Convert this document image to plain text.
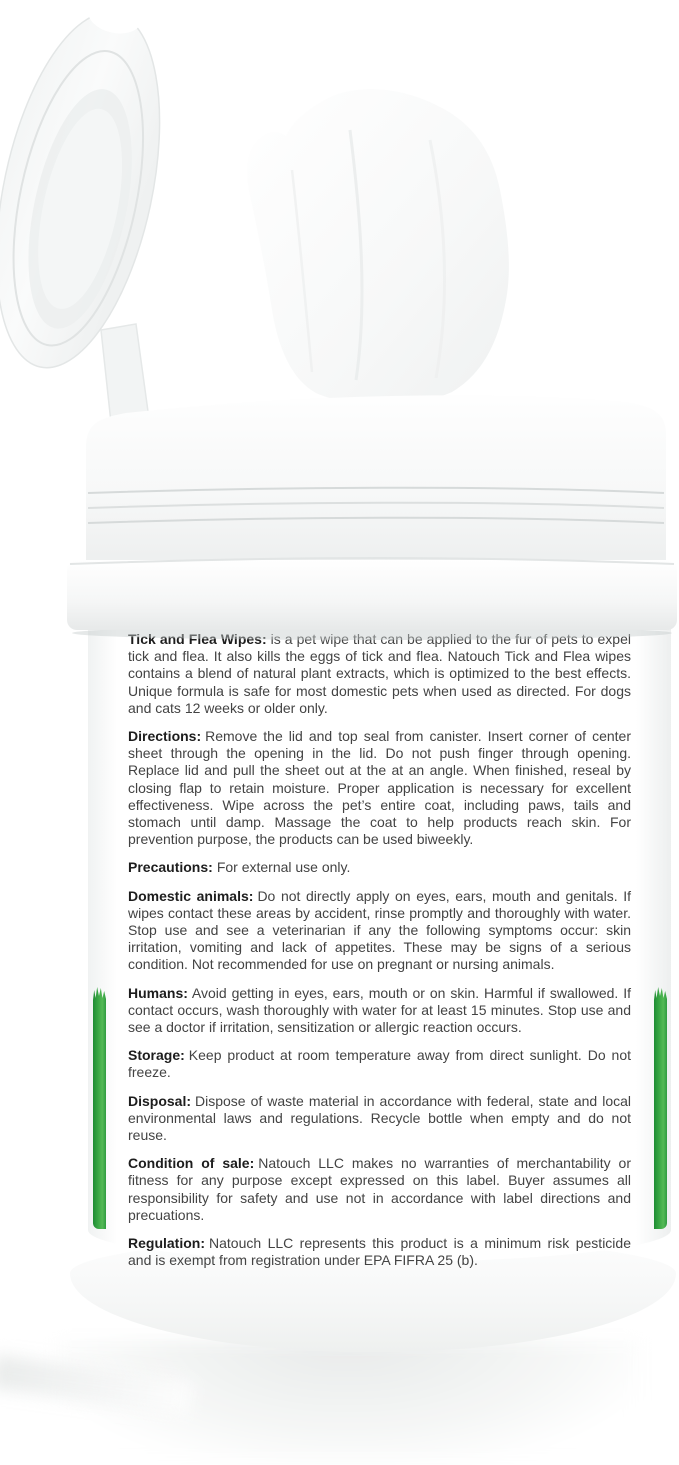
Tick and Flea Wipes: is a pet wipe that can be applied to the fur of pets to expel tick and flea. It also kills the eggs of tick and flea. Natouch Tick and Flea wipes contains a blend of natural plant extracts, which is optimized to the best effects. Unique formula is safe for most domestic pets when used as directed. For dogs and cats 12 weeks or older only.

Directions: Remove the lid and top seal from canister. Insert corner of center sheet through the opening in the lid. Do not push finger through opening. Replace lid and pull the sheet out at the at an angle. When finished, reseal by closing flap to retain moisture. Proper application is necessary for excellent effectiveness. Wipe across the pet’s entire coat, including paws, tails and stomach until damp. Massage the coat to help products reach skin. For prevention purpose, the products can be used biweekly.

Precautions: For external use only.

Domestic animals: Do not directly apply on eyes, ears, mouth and genitals. If wipes contact these areas by accident, rinse promptly and thoroughly with water. Stop use and see a veterinarian if any the following symptoms occur: skin irritation, vomiting and lack of appetites. These may be signs of a serious condition. Not recommended for use on pregnant or nursing animals.

Humans: Avoid getting in eyes, ears, mouth or on skin. Harmful if swallowed. If contact occurs, wash thoroughly with water for at least 15 minutes. Stop use and see a doctor if irritation, sensitization or allergic reaction occurs.

Storage: Keep product at room temperature away from direct sunlight. Do not freeze.

Disposal: Dispose of waste material in accordance with federal, state and local environmental laws and regulations. Recycle bottle when empty and do not reuse.

Condition of sale: Natouch LLC makes no warranties of merchantability or fitness for any purpose except expressed on this label. Buyer assumes all responsibility for safety and use not in accordance with label directions and precuations.

Regulation: Natouch LLC represents this product is a minimum risk pesticide and is exempt from registration under EPA FIFRA 25 (b).
